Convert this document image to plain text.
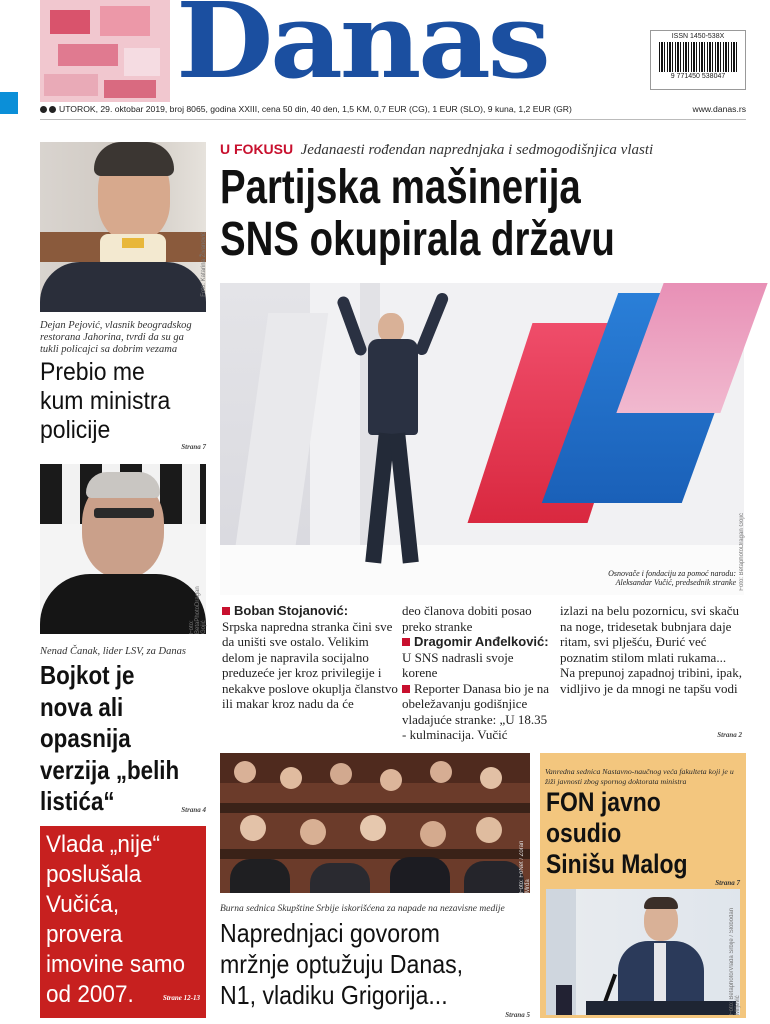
Danas	ISSN 1450-538X
9 771450 538047
UTOROK, 29. oktobar 2019, broj 8065, godina XXIII, cena 50 din, 40 den, 1,5 KM, 0,7 EUR (CG), 1 EUR (SLO), 9 kuna, 1,2 EUR (GR)	www.danas.rs
Foto: Katarina Živanović
Dejan Pejović, vlasnik beogradskog restorana Jahorina, tvrdi da su ga tukli policajci sa dobrim vezama
Prebio me
kum ministra
policije
Strana 7
Foto: BetaPhotoDragan Gojić
Nenad Čanak, lider LSV, za Danas
Bojkot je
nova ali
opasnija
verzija „belih
listića“	Strana 4
Vlada „nije“
poslušala
Vučića,
provera
imovine samo
od 2007.	Strane 12-13
U FOKUSU Jedanaesti rođendan naprednjaka i sedmogodišnjica vlasti
Partijska mašinerija
SNS okupirala državu
Osnovače i fondaciju za pomoć narodu:
Aleksandar Vučić, predsednik stranke Foto: BetaphotoDragan Gojić
Boban Stojanović:
Srpska napredna stranka čini sve da uništi sve ostalo. Velikim delom je napravila socijalno preduzeće jer kroz privilegije i nekakve poslove okuplja članstvo ili makar kroz nadu da će
deo članova dobiti posao preko stranke
Dragomir Anđelković:
U SNS nadrasli svoje korene
Reporter Danasa bio je na obeležavanju godišnjice vladajuće stranke: „U 18.35 - kulminacija. Vučić
izlazi na belu pozornicu, svi skaču na noge, tridesetak bubnjara daje ritam, svi plješću, Đurić već poznatim stilom mlati rukama... Na prepunoj zapadnoj tribini, ipak, vidljivo je da mnogi ne tapšu vodi
Strana 2
Foto: FoNet / Zoran Mrđa
Burna sednica Skupštine Srbije iskorišćena za napade na nezavisne medije
Naprednjaci govorom
mržnje optužuju Danas,
N1, vladiku Grigorija...
Strana 5
Vanredna sednica Nastavno-naučnog veća fakulteta koji je u žiži javnosti zbog spornog doktorata ministra
FON javno
osudio
Sinišu Malog
Strana 7
Foto: Betaphoto/Vlada Srbije / Slobodan Miljević
